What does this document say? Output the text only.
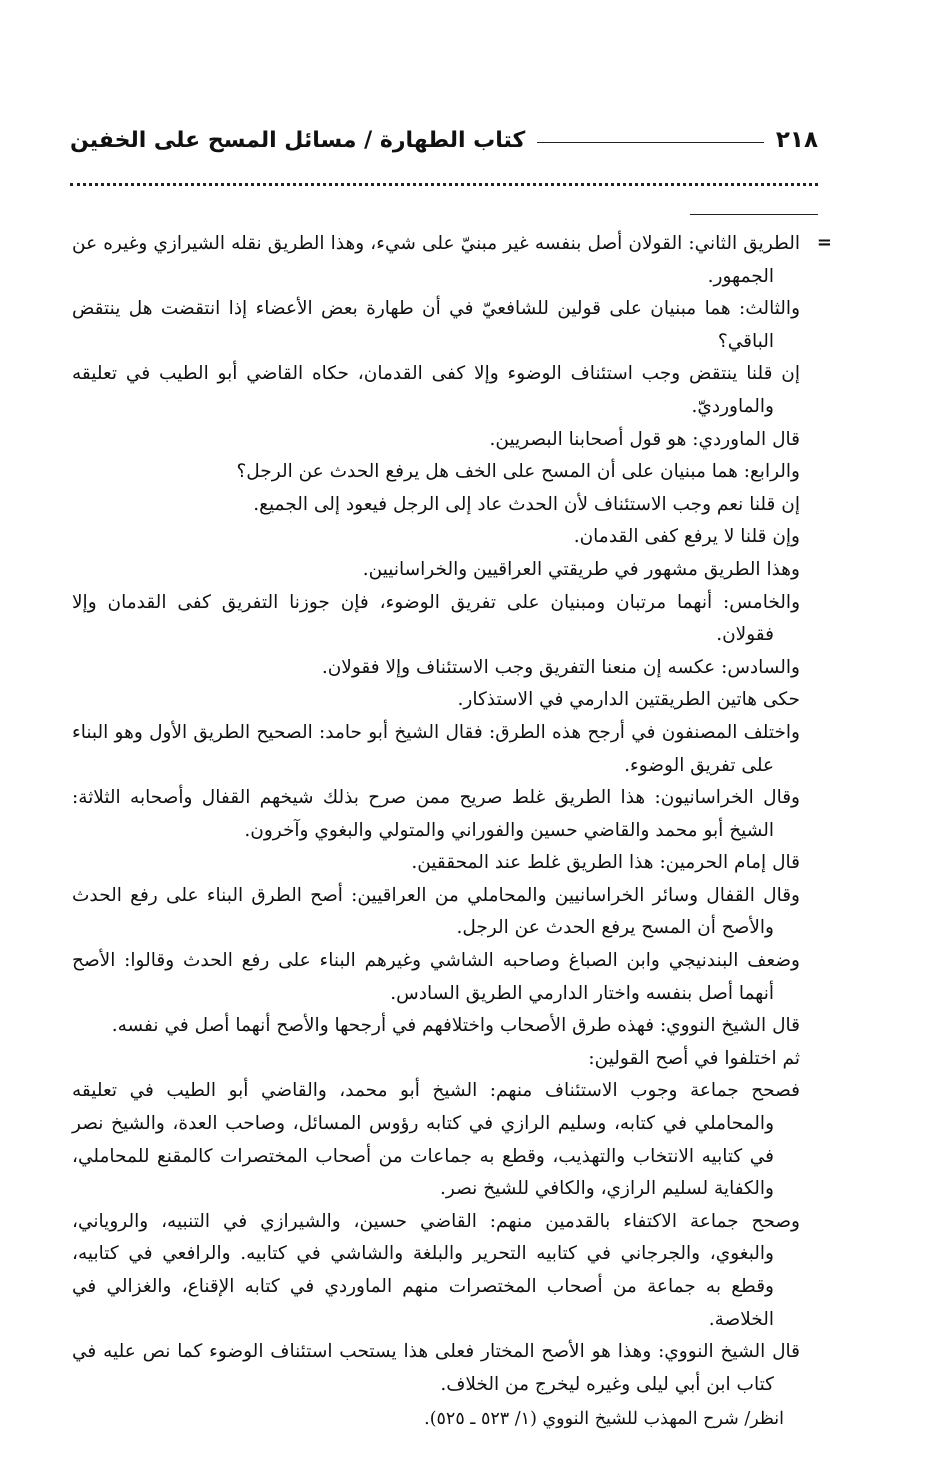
٢١٨
كتاب الطهارة / مسائل المسح على الخفين
=

الطريق الثاني: القولان أصل بنفسه غير مبنيّ على شيء، وهذا الطريق نقله الشيرازي وغيره عن الجمهور.

والثالث: هما مبنيان على قولين للشافعيّ في أن طهارة بعض الأعضاء إذا انتقضت هل ينتقض الباقي؟

إن قلنا ينتقض وجب استئناف الوضوء وإلا كفى القدمان، حكاه القاضي أبو الطيب في تعليقه والماورديّ.

قال الماوردي: هو قول أصحابنا البصريين.

والرابع: هما مبنيان على أن المسح على الخف هل يرفع الحدث عن الرجل؟

إن قلنا نعم وجب الاستئناف لأن الحدث عاد إلى الرجل فيعود إلى الجميع.

وإن قلنا لا يرفع كفى القدمان.

وهذا الطريق مشهور في طريقتي العراقيين والخراسانيين.

والخامس: أنهما مرتبان ومبنيان على تفريق الوضوء، فإن جوزنا التفريق كفى القدمان وإلا فقولان.

والسادس: عكسه إن منعنا التفريق وجب الاستئناف وإلا فقولان.

حكى هاتين الطريقتين الدارمي في الاستذكار.

واختلف المصنفون في أرجح هذه الطرق: فقال الشيخ أبو حامد: الصحيح الطريق الأول وهو البناء على تفريق الوضوء.

وقال الخراسانيون: هذا الطريق غلط صريح ممن صرح بذلك شيخهم القفال وأصحابه الثلاثة: الشيخ أبو محمد والقاضي حسين والفوراني والمتولي والبغوي وآخرون.

قال إمام الحرمين: هذا الطريق غلط عند المحققين.

وقال القفال وسائر الخراسانيين والمحاملي من العراقيين: أصح الطرق البناء على رفع الحدث والأصح أن المسح يرفع الحدث عن الرجل.

وضعف البندنيجي وابن الصباغ وصاحبه الشاشي وغيرهم البناء على رفع الحدث وقالوا: الأصح أنهما أصل بنفسه واختار الدارمي الطريق السادس.

قال الشيخ النووي: فهذه طرق الأصحاب واختلافهم في أرجحها والأصح أنهما أصل في نفسه.

ثم اختلفوا في أصح القولين:

فصحح جماعة وجوب الاستئناف منهم: الشيخ أبو محمد، والقاضي أبو الطيب في تعليقه والمحاملي في كتابه، وسليم الرازي في كتابه رؤوس المسائل، وصاحب العدة، والشيخ نصر في كتابيه الانتخاب والتهذيب، وقطع به جماعات من أصحاب المختصرات كالمقنع للمحاملي، والكفاية لسليم الرازي، والكافي للشيخ نصر.

وصحح جماعة الاكتفاء بالقدمين منهم: القاضي حسين، والشيرازي في التنبيه، والروياني، والبغوي، والجرجاني في كتابيه التحرير والبلغة والشاشي في كتابيه. والرافعي في كتابيه، وقطع به جماعة من أصحاب المختصرات منهم الماوردي في كتابه الإقناع، والغزالي في الخلاصة.

قال الشيخ النووي: وهذا هو الأصح المختار فعلى هذا يستحب استئناف الوضوء كما نص عليه في كتاب ابن أبي ليلى وغيره ليخرج من الخلاف.

انظر/ شرح المهذب للشيخ النووي (١/ ٥٢٣ ـ ٥٢٥).
